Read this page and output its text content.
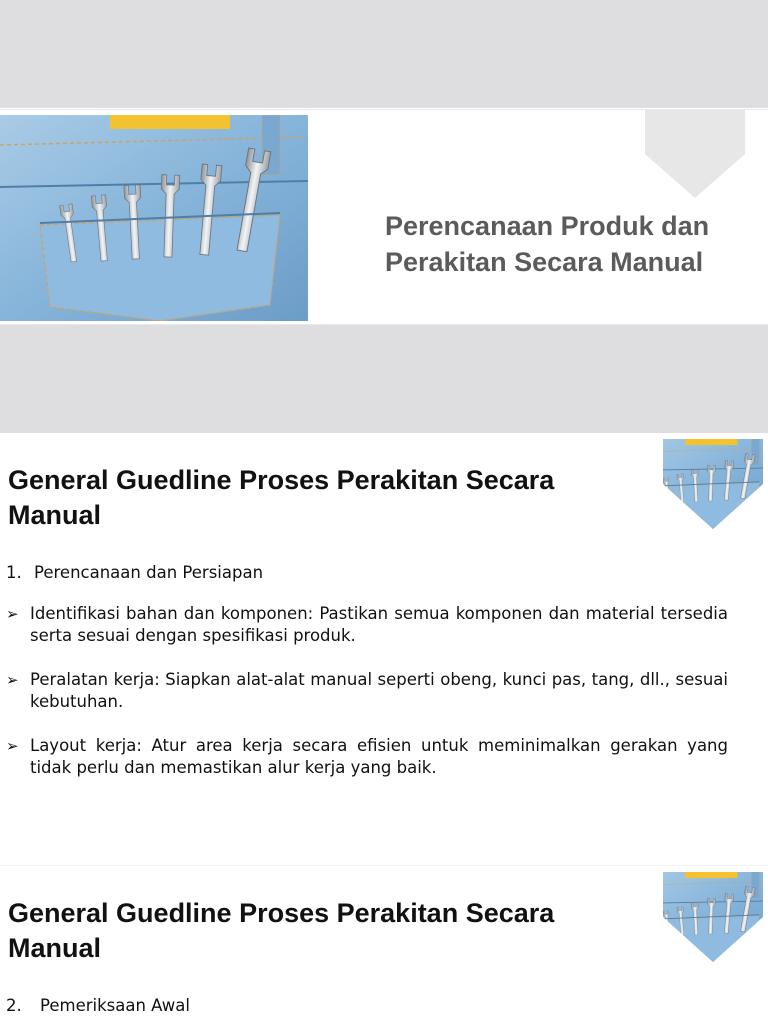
Perencanaan Produk dan Perakitan Secara Manual
General Guedline Proses Perakitan Secara Manual
1. Perencanaan dan Persiapan
➢ Identifikasi bahan dan komponen: Pastikan semua komponen dan material tersedia serta sesuai dengan spesifikasi produk.
➢ Peralatan kerja: Siapkan alat-alat manual seperti obeng, kunci pas, tang, dll., sesuai kebutuhan.
➢ Layout kerja: Atur area kerja secara efisien untuk meminimalkan gerakan yang tidak perlu dan memastikan alur kerja yang baik.
General Guedline Proses Perakitan Secara Manual
2. Pemeriksaan Awal
